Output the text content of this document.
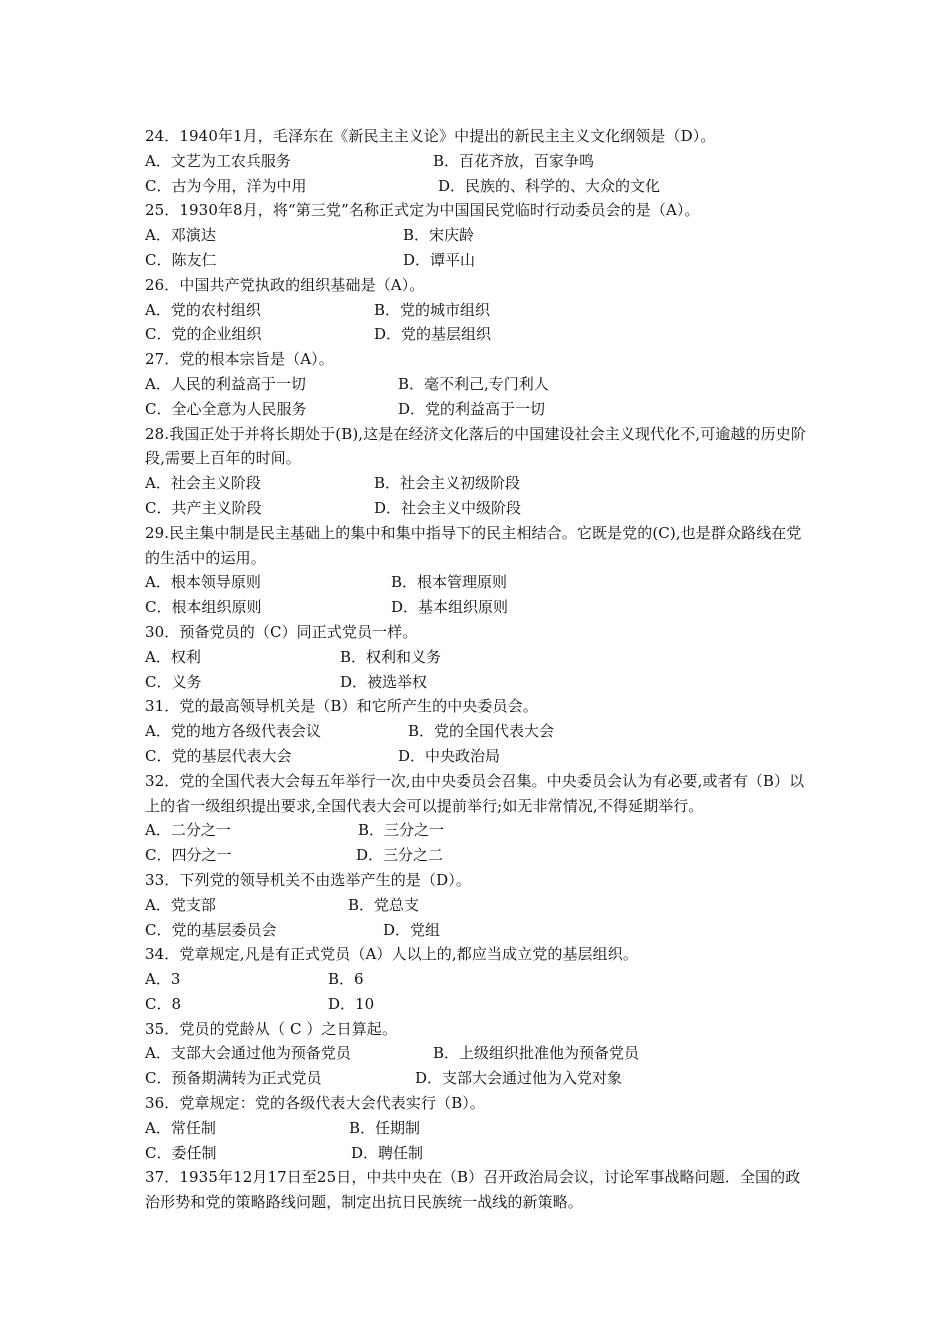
24．1940年1月，毛泽东在《新民主主义论》中提出的新民主主义文化纲领是（D）。
A．文艺为工农兵服务	B．百花齐放，百家争鸣
C．古为今用，洋为中用	D．民族的、科学的、大众的文化
25．1930年8月，将“第三党”名称正式定为中国国民党临时行动委员会的是（A）。
A．邓演达	B．宋庆龄
C．陈友仁	D．谭平山
26．中国共产党执政的组织基础是（A）。
A．党的农村组织	B．党的城市组织
C．党的企业组织	D．党的基层组织
27．党的根本宗旨是（A）。
A．人民的利益高于一切	B．毫不利己,专门利人
C．全心全意为人民服务	D．党的利益高于一切
28.我国正处于并将长期处于(B),这是在经济文化落后的中国建设社会主义现代化不,可逾越的历史阶段,需要上百年的时间。
A．社会主义阶段	B．社会主义初级阶段
C．共产主义阶段	D．社会主义中级阶段
29.民主集中制是民主基础上的集中和集中指导下的民主相结合。它既是党的(C),也是群众路线在党的生活中的运用。
A．根本领导原则	B．根本管理原则
C．根本组织原则	D．基本组织原则
30．预备党员的（C）同正式党员一样。
A．权利	B．权利和义务
C．义务	D．被选举权
31．党的最高领导机关是（B）和它所产生的中央委员会。
A．党的地方各级代表会议	B．党的全国代表大会
C．党的基层代表大会	D．中央政治局
32．党的全国代表大会每五年举行一次,由中央委员会召集。中央委员会认为有必要,或者有（B）以上的省一级组织提出要求,全国代表大会可以提前举行;如无非常情况,不得延期举行。
A．二分之一	B．三分之一
C．四分之一	D．三分之二
33．下列党的领导机关不由选举产生的是（D）。
A．党支部	B．党总支
C．党的基层委员会	D．党组
34．党章规定,凡是有正式党员（A）人以上的,都应当成立党的基层组织。
A．3	B．6
C．8	D．10
35．党员的党龄从（ C ）之日算起。
A．支部大会通过他为预备党员	B．上级组织批准他为预备党员
C．预备期满转为正式党员	D．支部大会通过他为入党对象
36．党章规定：党的各级代表大会代表实行（B）。
A．常任制	B．任期制
C．委任制	D．聘任制
37．1935年12月17日至25日，中共中央在（B）召开政治局会议，讨论军事战略问题．全国的政治形势和党的策略路线问题，制定出抗日民族统一战线的新策略。
